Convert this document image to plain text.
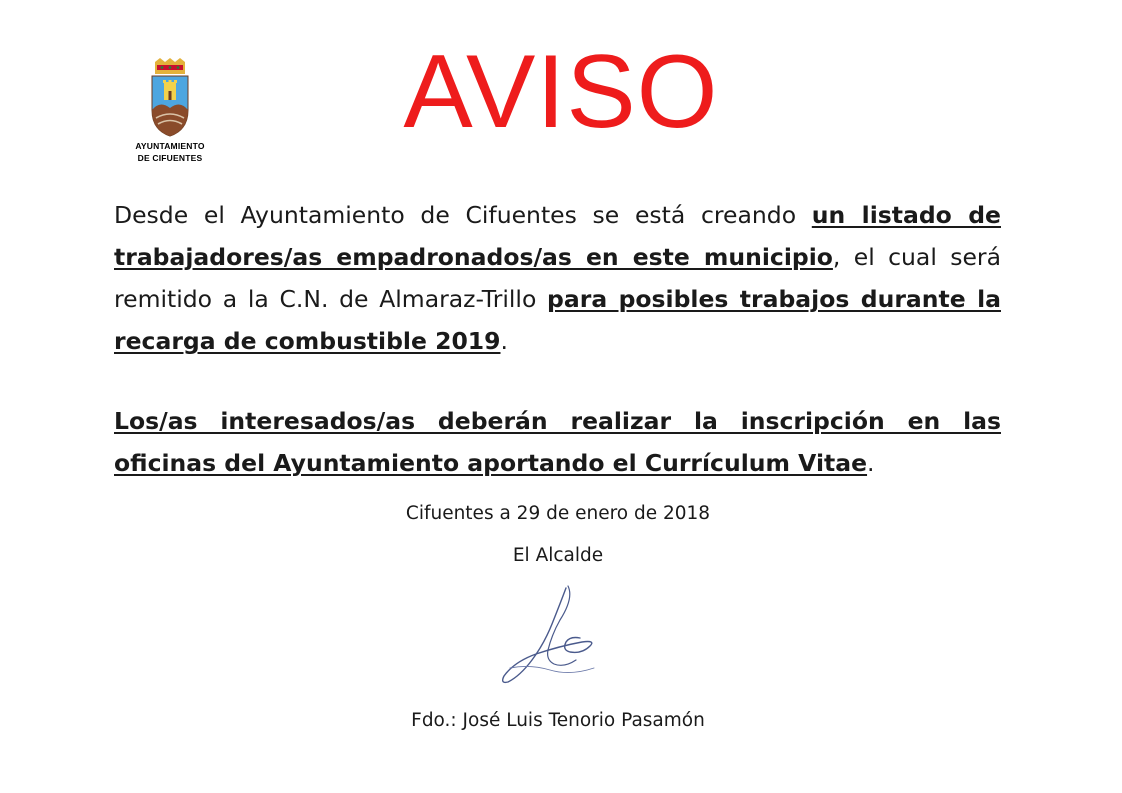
AYUNTAMIENTO
DE CIFUENTES
AVISO

Desde el Ayuntamiento de Cifuentes se está creando un listado de trabajadores/as empadronados/as en este municipio, el cual será remitido a la C.N. de Almaraz-Trillo para posibles trabajos durante la recarga de combustible 2019.

Los/as interesados/as deberán realizar la inscripción en las oficinas del Ayuntamiento aportando el Currículum Vitae.

Cifuentes a 29 de enero de 2018

El Alcalde

Fdo.: José Luis Tenorio Pasamón
